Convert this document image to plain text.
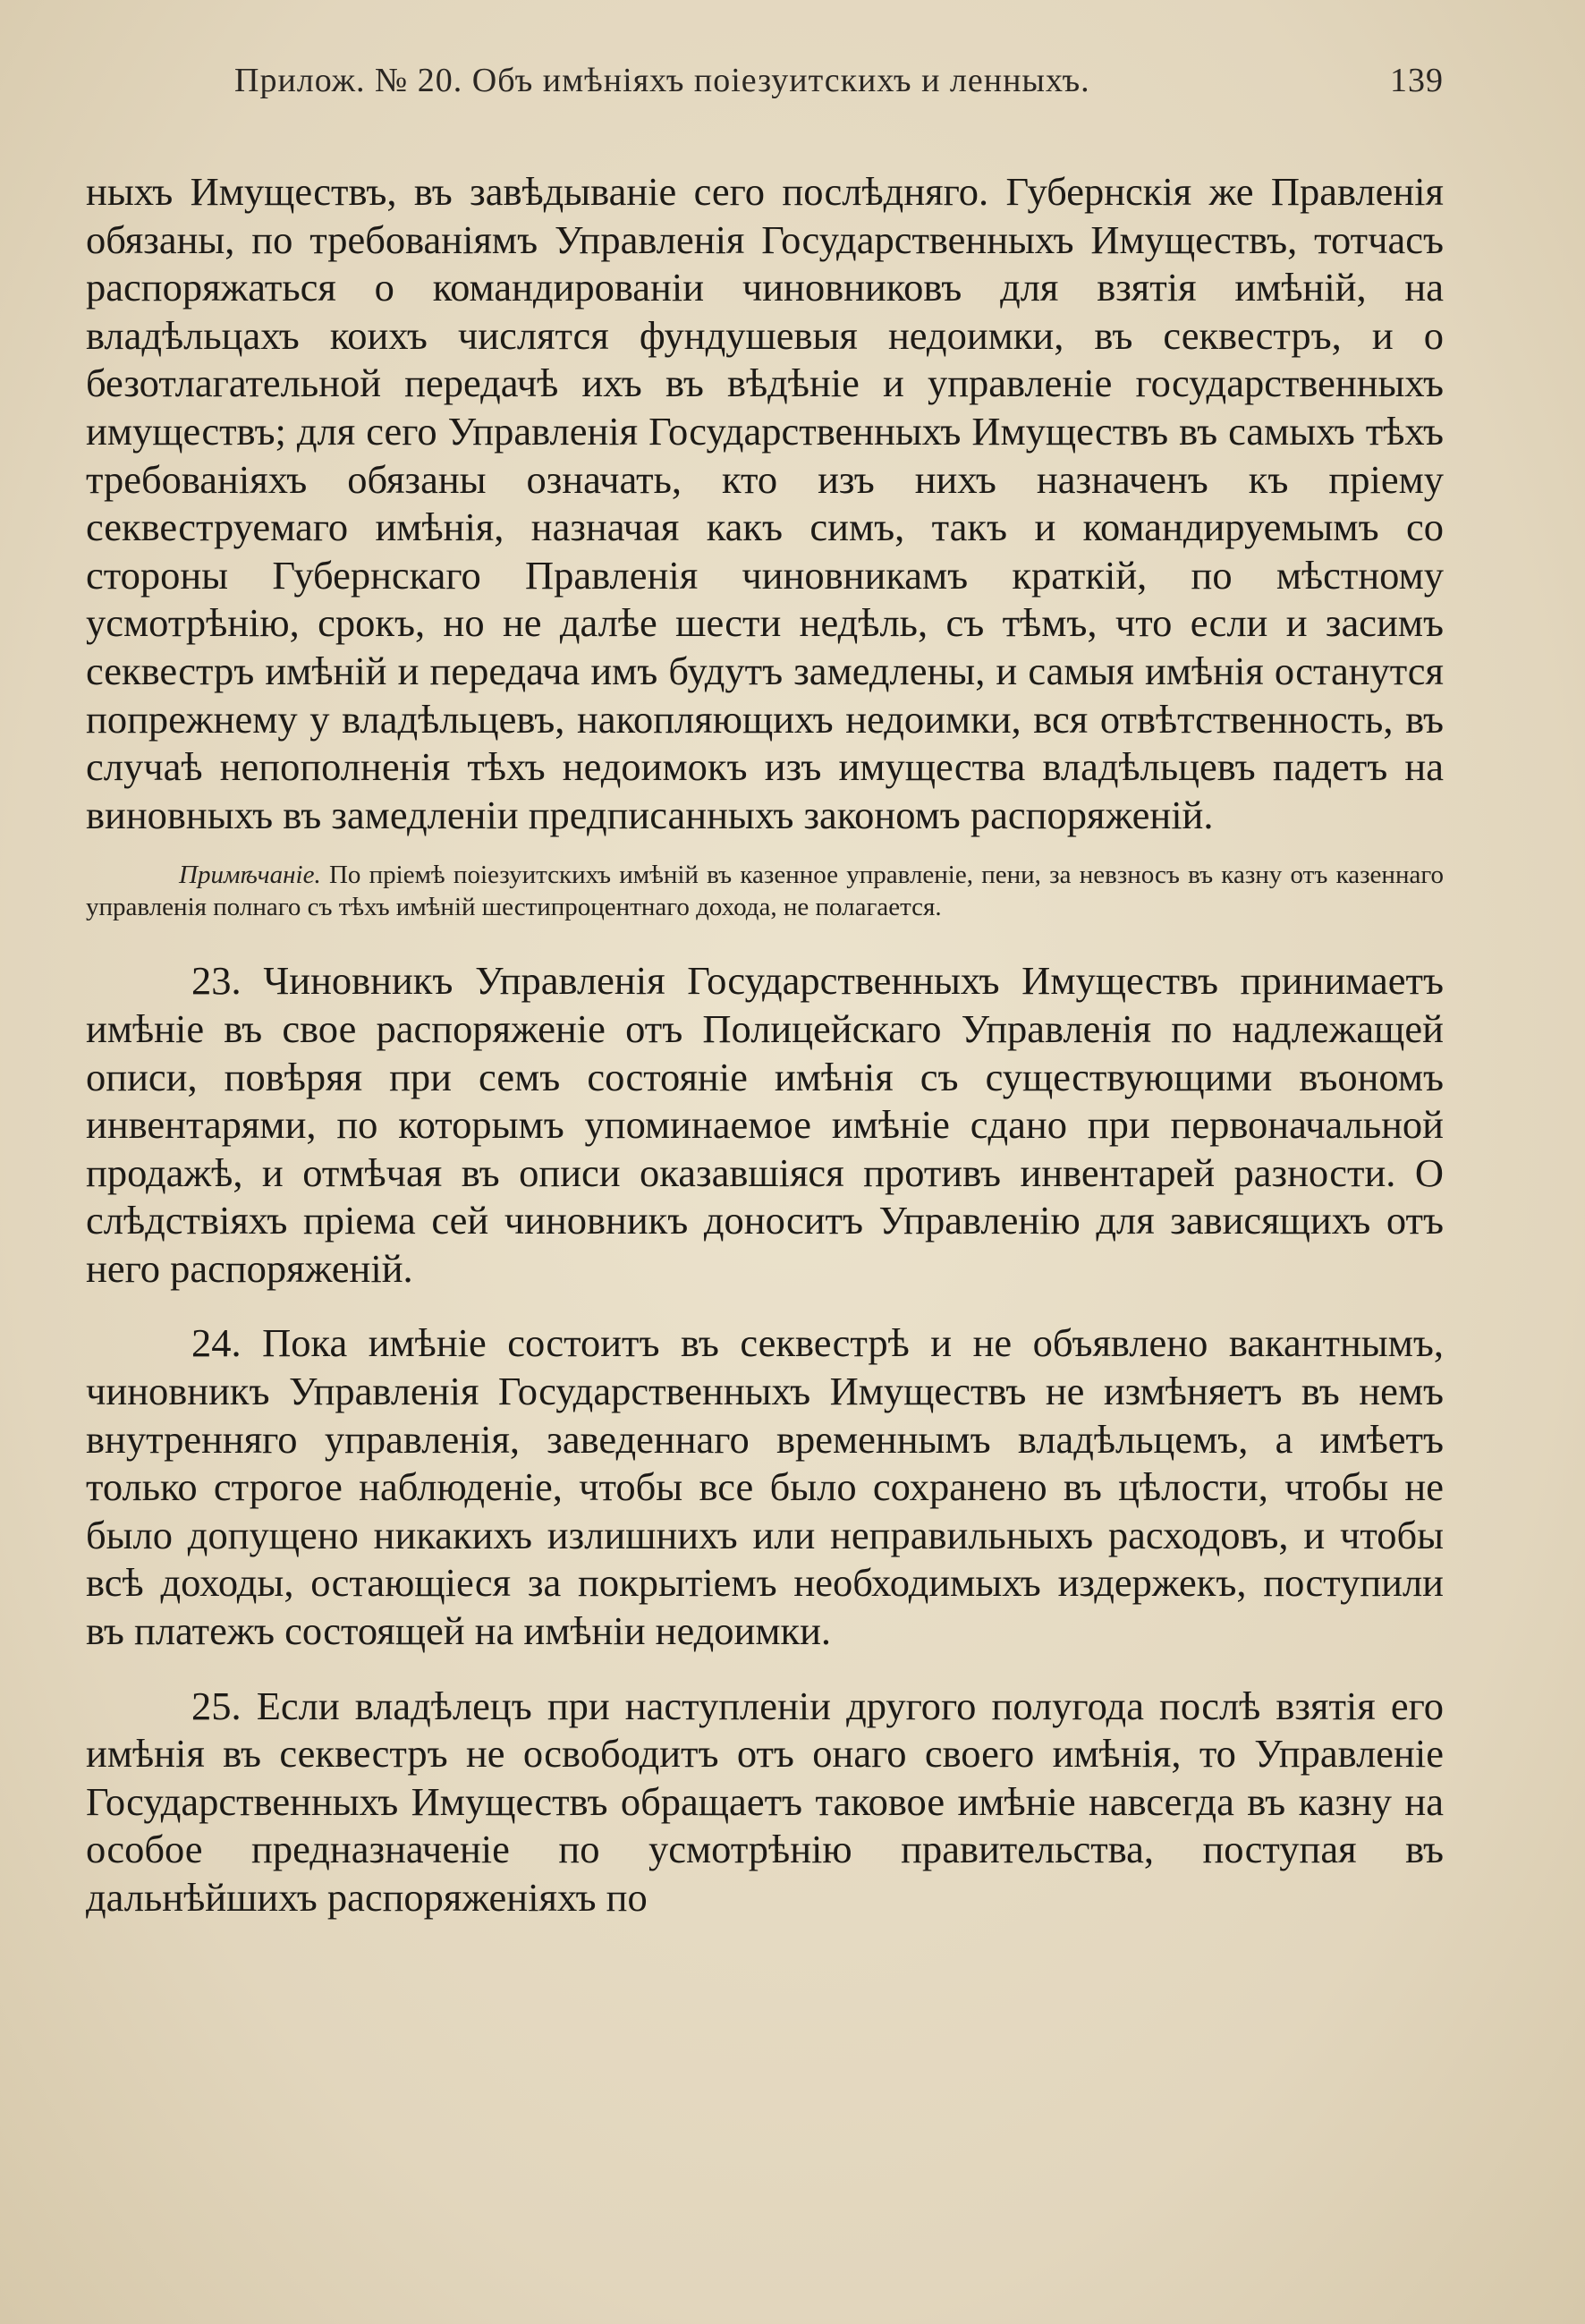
Прилож. № 20. Объ имѣніяхъ поіезуитскихъ и ленныхъ.	139

ныхъ Имуществъ, въ завѣдываніе сего послѣдняго. Губернскія же Правленія обязаны, по требованіямъ Управленія Государственныхъ Имуществъ, тотчасъ распоряжаться о командированіи чиновниковъ для взятія имѣній, на владѣльцахъ коихъ числятся фундушевыя недоимки, въ секвестръ, и о безотлагательной передачѣ ихъ въ вѣдѣніе и управленіе государственныхъ имуществъ; для сего Управленія Государственныхъ Имуществъ въ самыхъ тѣхъ требованіяхъ обязаны означать, кто изъ нихъ назначенъ къ пріему секвеструемаго имѣнія, назначая какъ симъ, такъ и командируемымъ со стороны Губернскаго Правленія чиновникамъ краткій, по мѣстному усмотрѣнію, срокъ, но не далѣе шести недѣль, съ тѣмъ, что если и засимъ секвестръ имѣній и передача имъ будутъ замедлены, и самыя имѣнія останутся попрежнему у владѣльцевъ, накопляющихъ недоимки, вся отвѣтственность, въ случаѣ непополненія тѣхъ недоимокъ изъ имущества владѣльцевъ падетъ на виновныхъ въ замедленіи предписанныхъ закономъ распоряженій.

Примѣчаніе. По пріемѣ поіезуитскихъ имѣній въ казенное управленіе, пени, за невзносъ въ казну отъ казеннаго управленія полнаго съ тѣхъ имѣній шестипроцентнаго дохода, не полагается.

23. Чиновникъ Управленія Государственныхъ Имуществъ принимаетъ имѣніе въ свое распоряженіе отъ Полицейскаго Управленія по надлежащей описи, повѣряя при семъ состояніе имѣнія съ существующими въономъ инвентарями, по которымъ упоминаемое имѣніе сдано при первоначальной продажѣ, и отмѣчая въ описи оказавшіяся противъ инвентарей разности. О слѣдствіяхъ пріема сей чиновникъ доноситъ Управленію для зависящихъ отъ него распоряженій.

24. Пока имѣніе состоитъ въ секвестрѣ и не объявлено вакантнымъ, чиновникъ Управленія Государственныхъ Имуществъ не измѣняетъ въ немъ внутренняго управленія, заведеннаго временнымъ владѣльцемъ, а имѣетъ только строгое наблюденіе, чтобы все было сохранено въ цѣлости, чтобы не было допущено никакихъ излишнихъ или неправильныхъ расходовъ, и чтобы всѣ доходы, остающіеся за покрытіемъ необходимыхъ издержекъ, поступили въ платежъ состоящей на имѣніи недоимки.

25. Если владѣлецъ при наступленіи другого полугода послѣ взятія его имѣнія въ секвестръ не освободитъ отъ онаго своего имѣнія, то Управленіе Государственныхъ Имуществъ обращаетъ таковое имѣніе навсегда въ казну на особое предназначеніе по усмотрѣнію правительства, поступая въ дальнѣйшихъ распоряженіяхъ по
